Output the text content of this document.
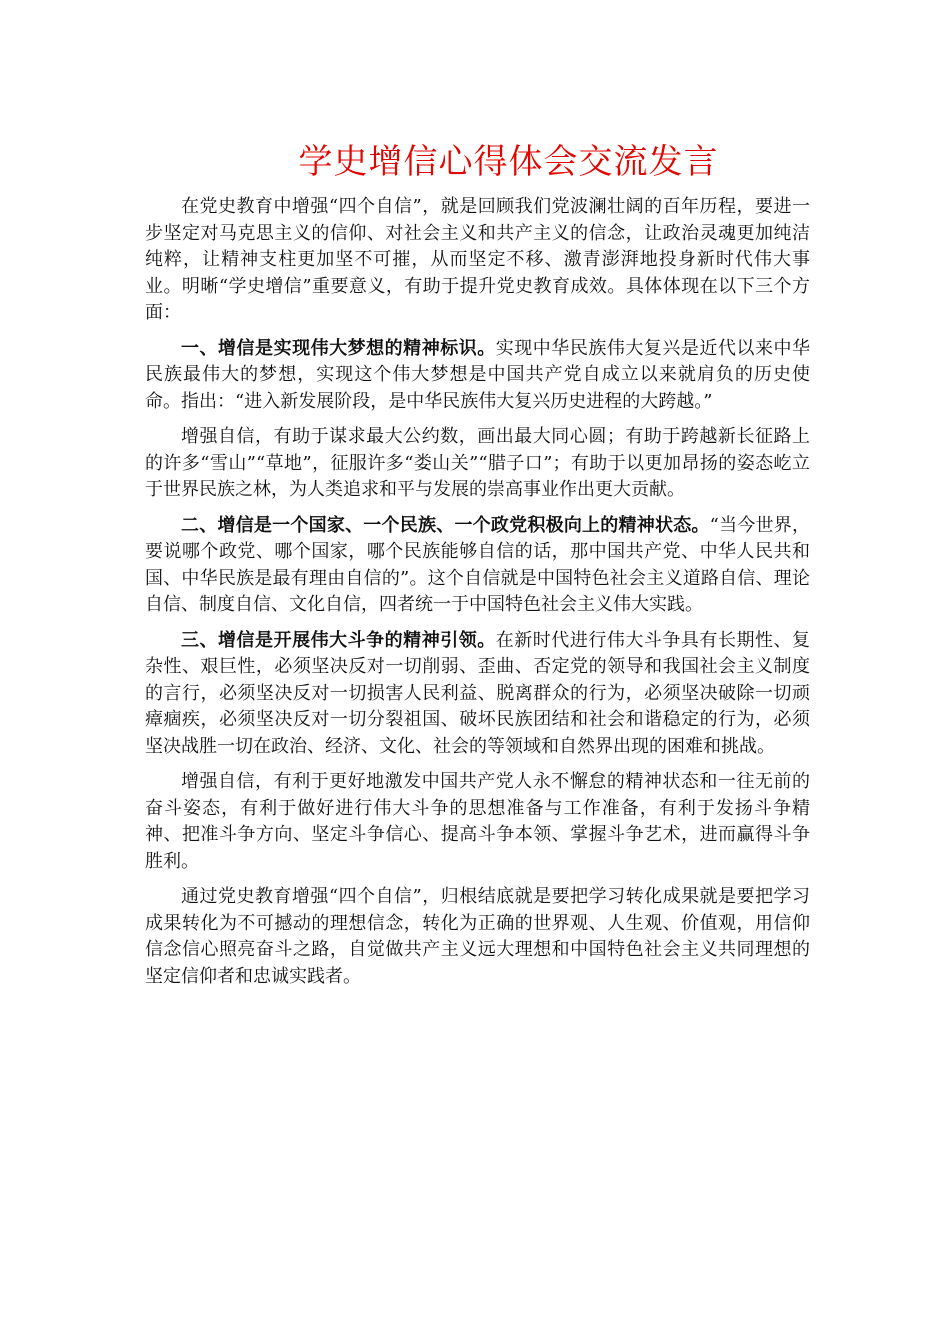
学史增信心得体会交流发言

在党史教育中增强“四个自信”，就是回顾我们党波澜壮阔的百年历程，要进一步坚定对马克思主义的信仰、对社会主义和共产主义的信念，让政治灵魂更加纯洁纯粹，让精神支柱更加坚不可摧，从而坚定不移、激青澎湃地投身新时代伟大事业。明晰“学史增信”重要意义，有助于提升党史教育成效。具体体现在以下三个方面：

一、增信是实现伟大梦想的精神标识。实现中华民族伟大复兴是近代以来中华民族最伟大的梦想，实现这个伟大梦想是中国共产党自成立以来就肩负的历史使命。指出：“进入新发展阶段，是中华民族伟大复兴历史进程的大跨越。”

增强自信，有助于谋求最大公约数，画出最大同心圆；有助于跨越新长征路上的许多“雪山”“草地”，征服许多“娄山关”“腊子口”；有助于以更加昂扬的姿态屹立于世界民族之林，为人类追求和平与发展的崇高事业作出更大贡献。

二、增信是一个国家、一个民族、一个政党积极向上的精神状态。“当今世界，要说哪个政党、哪个国家，哪个民族能够自信的话，那中国共产党、中华人民共和国、中华民族是最有理由自信的”。这个自信就是中国特色社会主义道路自信、理论自信、制度自信、文化自信，四者统一于中国特色社会主义伟大实践。

三、增信是开展伟大斗争的精神引领。在新时代进行伟大斗争具有长期性、复杂性、艰巨性，必须坚决反对一切削弱、歪曲、否定党的领导和我国社会主义制度的言行，必须坚决反对一切损害人民利益、脱离群众的行为，必须坚决破除一切顽瘴痼疾，必须坚决反对一切分裂祖国、破坏民族团结和社会和谐稳定的行为，必须坚决战胜一切在政治、经济、文化、社会的等领域和自然界出现的困难和挑战。

增强自信，有利于更好地激发中国共产党人永不懈怠的精神状态和一往无前的奋斗姿态，有利于做好进行伟大斗争的思想准备与工作准备，有利于发扬斗争精神、把准斗争方向、坚定斗争信心、提高斗争本领、掌握斗争艺术，进而赢得斗争胜利。

通过党史教育增强“四个自信”，归根结底就是要把学习转化成果就是要把学习成果转化为不可撼动的理想信念，转化为正确的世界观、人生观、价值观，用信仰信念信心照亮奋斗之路，自觉做共产主义远大理想和中国特色社会主义共同理想的坚定信仰者和忠诚实践者。
